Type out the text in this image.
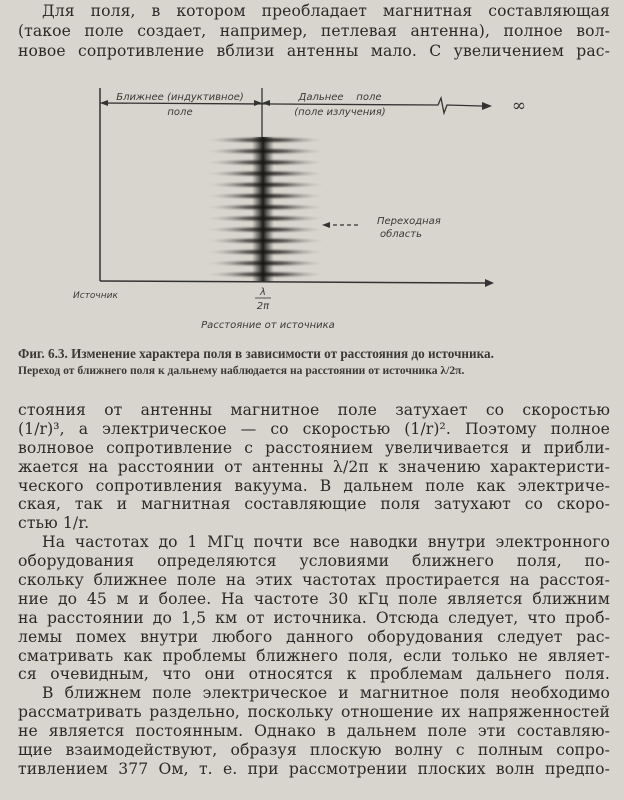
Для поля, в котором преобладает магнитная составляющая
(такое поле создает, например, петлевая антенна), полное вол-
новое сопротивление вблизи антенны мало. С увеличением рас-
Ближнее (индуктивное)
поле
Дальнее    поле
(поле излучения)	∞
Переходная
область
Источник	λ
2π
Расстояние от источника
Фиг. 6.3. Изменение характера поля в зависимости от расстояния до источника.
Переход от ближнего поля к дальнему наблюдается на расстоянии от источника λ/2π.
стояния от антенны магнитное поле затухает со скоростью
(1/r)³, а электрическое — со скоростью (1/r)². Поэтому полное
волновое сопротивление с расстоянием увеличивается и прибли-
жается на расстоянии от антенны λ/2π к значению характеристи-
ческого сопротивления вакуума. В дальнем поле как электриче-
ская, так и магнитная составляющие поля затухают со скоро-
стью 1/r.
На частотах до 1 МГц почти все наводки внутри электронного
оборудования определяются условиями ближнего поля, по-
скольку ближнее поле на этих частотах простирается на расстоя-
ние до 45 м и более. На частоте 30 кГц поле является ближним
на расстоянии до 1,5 км от источника. Отсюда следует, что проб-
лемы помех внутри любого данного оборудования следует рас-
сматривать как проблемы ближнего поля, если только не являет-
ся очевидным, что они относятся к проблемам дальнего поля.
В ближнем поле электрическое и магнитное поля необходимо
рассматривать раздельно, поскольку отношение их напряженностей
не является постоянным. Однако в дальнем поле эти составляю-
щие взаимодействуют, образуя плоскую волну с полным сопро-
тивлением 377 Ом, т. е. при рассмотрении плоских волн предпо-
